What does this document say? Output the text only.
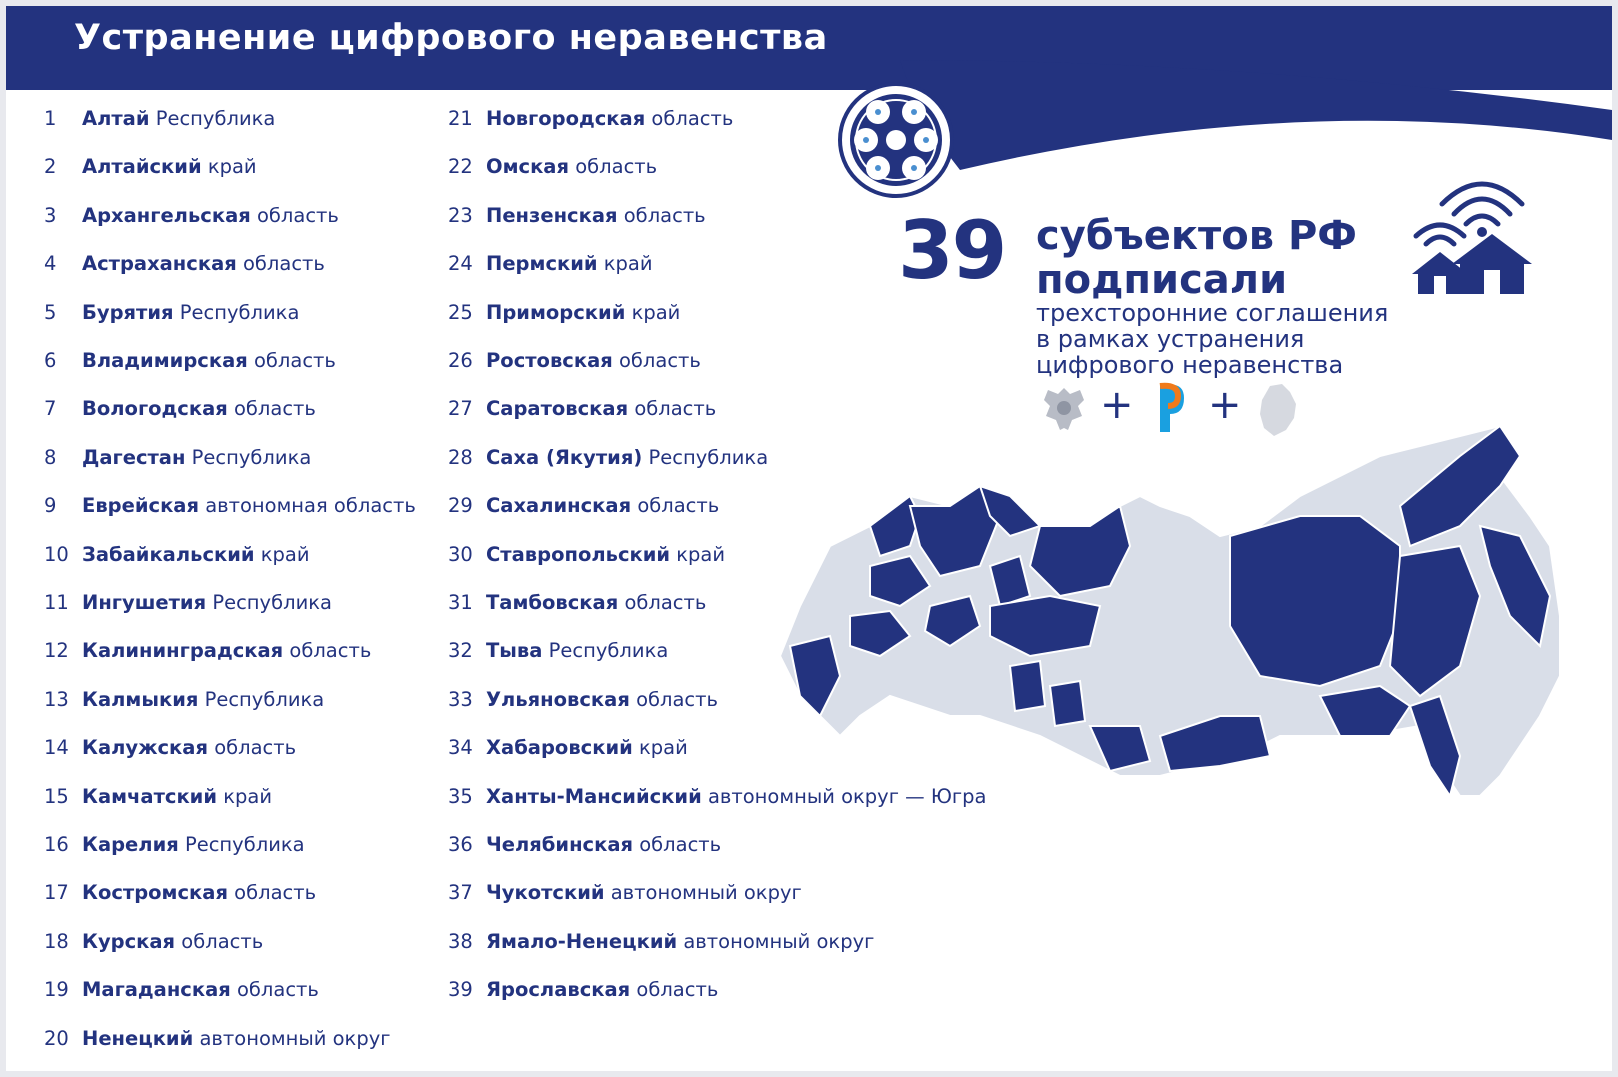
Устранение цифрового неравенства
1 Алтай Республика
2 Алтайский край
3 Архангельская область
4 Астраханская область
5 Бурятия Республика
6 Владимирская область
7 Вологодская область
8 Дагестан Республика
9 Еврейская автономная область
10 Забайкальский край
11 Ингушетия Республика
12 Калининградская область
13 Калмыкия Республика
14 Калужская область
15 Камчатский край
16 Карелия Республика
17 Костромская область
18 Курская область
19 Магаданская область
20 Ненецкий автономный округ
21 Новгородская область
22 Омская область
23 Пензенская область
24 Пермский край
25 Приморский край
26 Ростовская область
27 Саратовская область
28 Саха (Якутия) Республика
29 Сахалинская область
30 Ставропольский край
31 Тамбовская область
32 Тыва Республика
33 Ульяновская область
34 Хабаровский край
35 Ханты-Мансийский автономный округ — Югра
36 Челябинская область
37 Чукотский автономный округ
38 Ямало-Ненецкий автономный округ
39 Ярославская область
39 субъектов РФ
подписали
трехсторонние соглашения
в рамках устранения
цифрового неравенства
+ +
